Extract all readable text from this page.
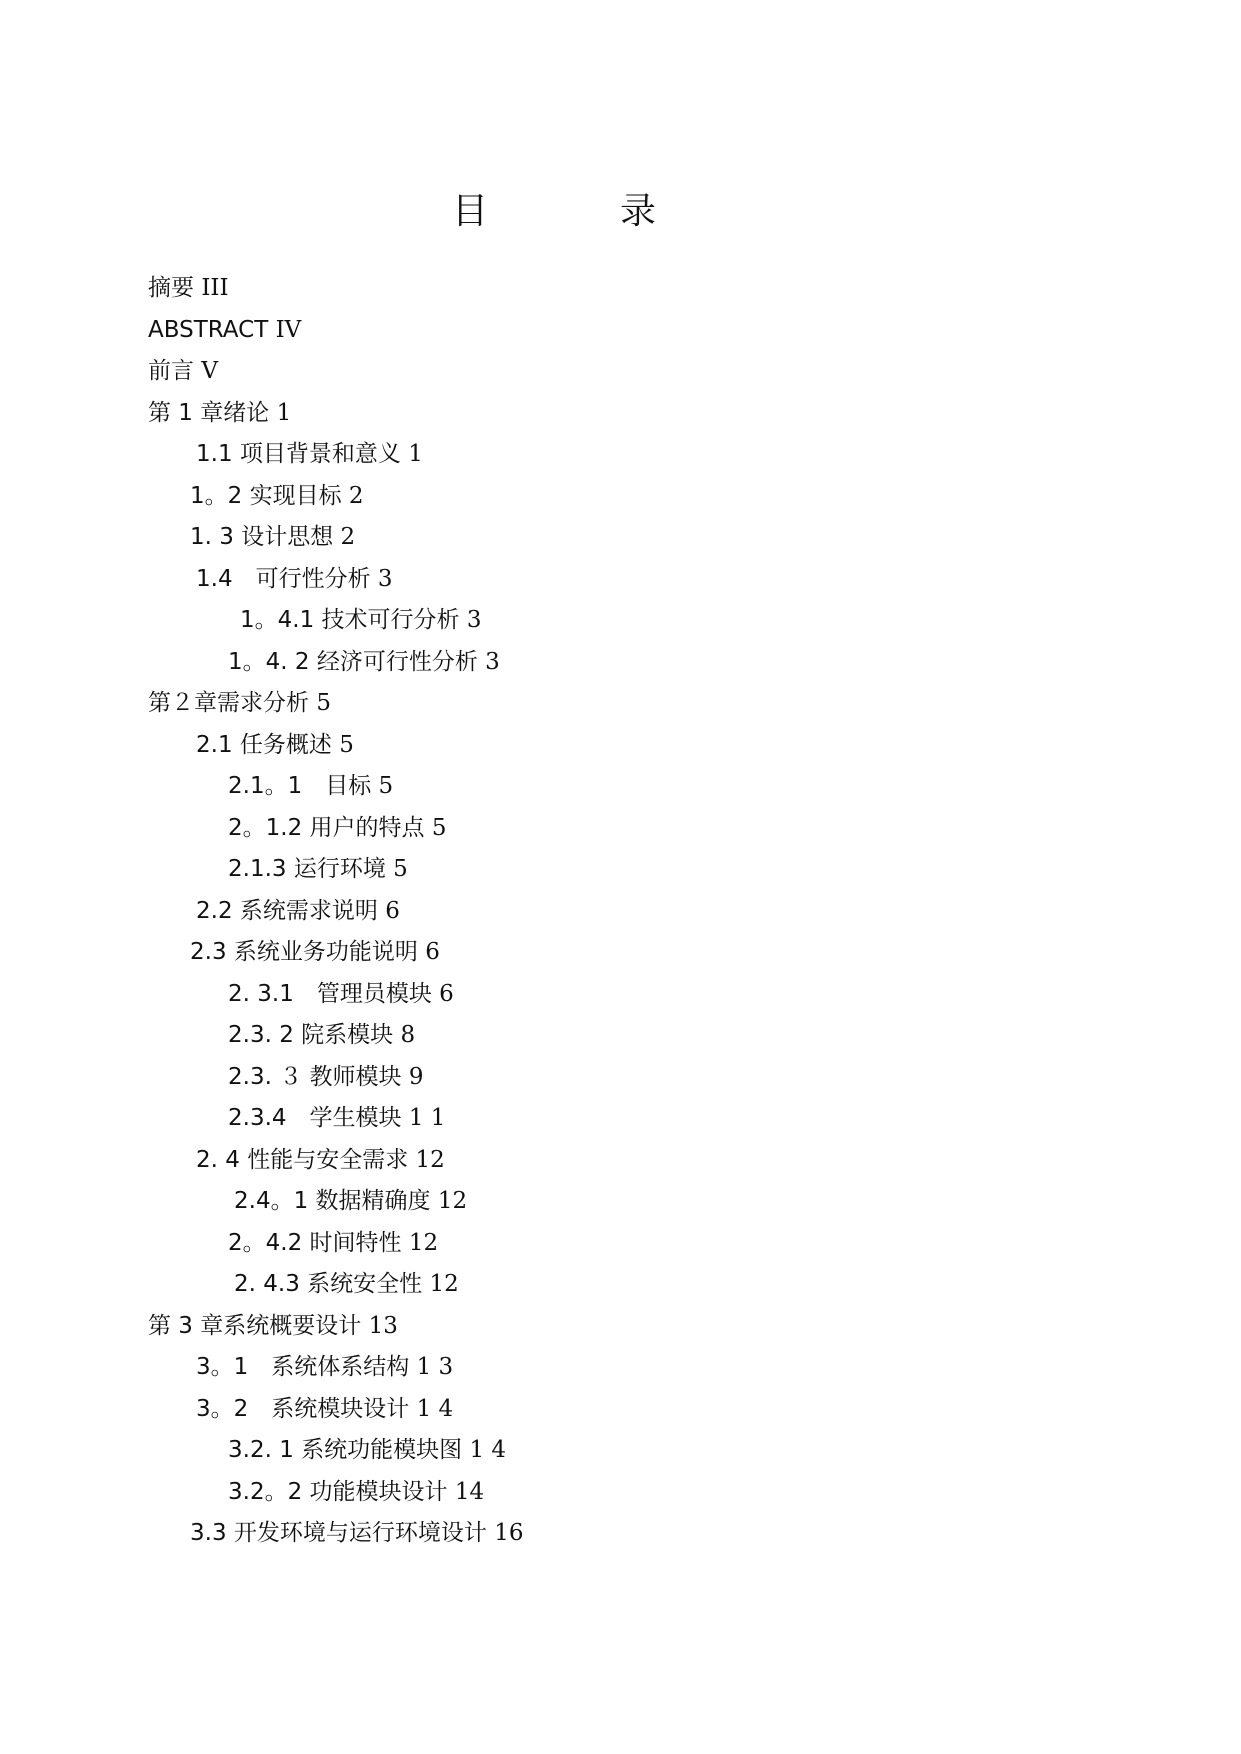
目　录
摘要 III
ABSTRACT IV
前言 V
第 1 章绪论 1
1.1 项目背景和意义 1
1。2 实现目标 2
1. 3 设计思想 2
1.4　可行性分析 3
1。4.1 技术可行分析 3
1。4. 2 经济可行性分析 3
第２章需求分析 5
2.1 任务概述 5
2.1。1　目标 5
2。1.2 用户的特点 5
2.1.3 运行环境 5
2.2 系统需求说明 6
2.3 系统业务功能说明 6
2. 3.1　管理员模块 6
2.3. 2 院系模块 8
2.3. ３ 教师模块 9
2.3.4　学生模块 1 1
2. 4 性能与安全需求 12
2.4。1 数据精确度 12
2。4.2 时间特性 12
2. 4.3 系统安全性 12
第 3 章系统概要设计 13
3。1　系统体系结构 1 3
3。2　系统模块设计 1 4
3.2. 1 系统功能模块图 1 4
3.2。2 功能模块设计 14
3.3 开发环境与运行环境设计 16
